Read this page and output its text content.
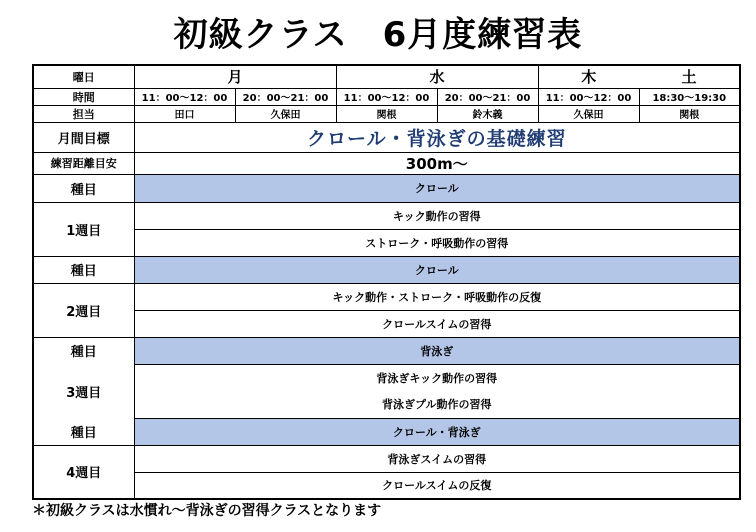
初級クラス　6月度練習表
曜日	月		水		木	土
時間	11：00～12：00	20：00～21：00	11：00～12：00	20：00～21：00	11：00～12：00	18:30～19:30
担当	田口	久保田	関根	鈴木義	久保田	関根
月間目標	クロール・背泳ぎの基礎練習					
練習距離目安	300m～					
種目	クロール					
1週目	キック動作の習得					
	ストローク・呼吸動作の習得					
種目	クロール					
2週目	キック動作・ストローク・呼吸動作の反復					
	クロールスイムの習得					
種目	背泳ぎ					
3週目	背泳ぎキック動作の習得					
	背泳ぎプル動作の習得					
種目	クロール・背泳ぎ					
4週目	背泳ぎスイムの習得					
	クロールスイムの反復					
＊初級クラスは水慣れ～背泳ぎの習得クラスとなります
